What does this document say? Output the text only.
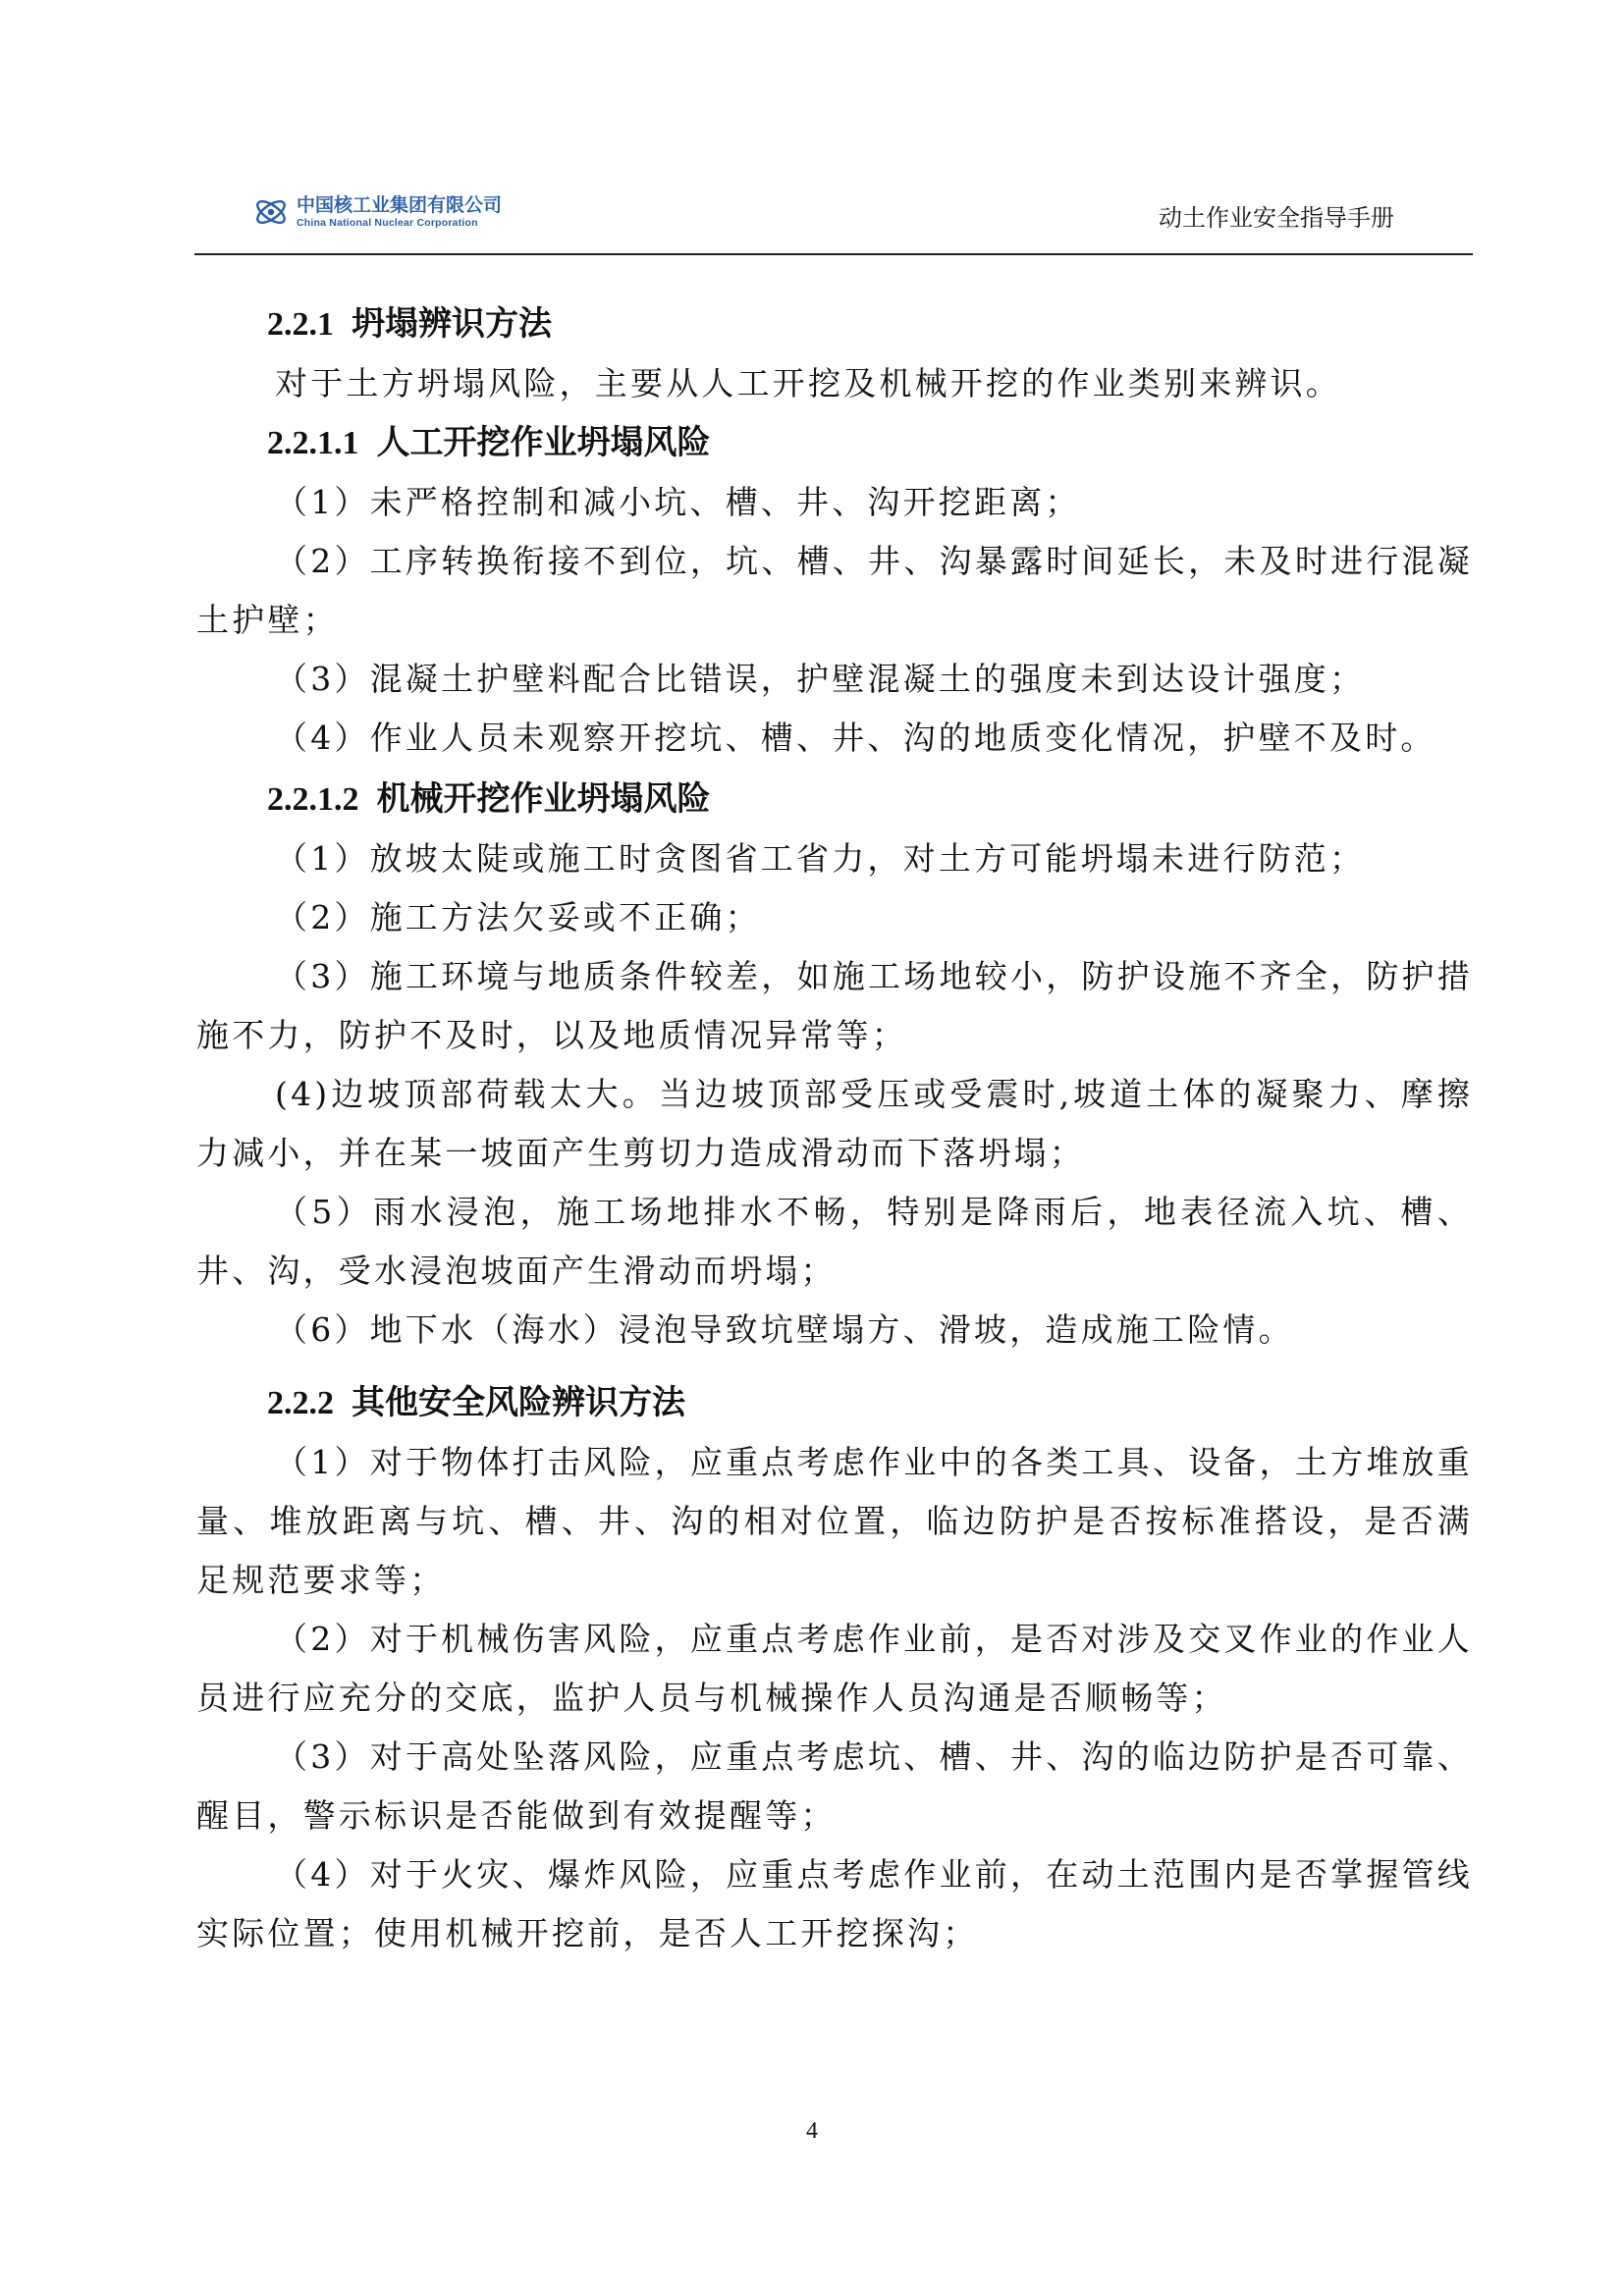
中国核工业集团有限公司
China National Nuclear Corporation	动土作业安全指导手册
2.2.1 坍塌辨识方法

对于土方坍塌风险，主要从人工开挖及机械开挖的作业类别来辨识。

2.2.1.1 人工开挖作业坍塌风险

（1）未严格控制和减小坑、槽、井、沟开挖距离；

（2）工序转换衔接不到位，坑、槽、井、沟暴露时间延长，未及时进行混凝土护壁；

（3）混凝土护壁料配合比错误，护壁混凝土的强度未到达设计强度；

（4）作业人员未观察开挖坑、槽、井、沟的地质变化情况，护壁不及时。

2.2.1.2 机械开挖作业坍塌风险

（1）放坡太陡或施工时贪图省工省力，对土方可能坍塌未进行防范；

（2）施工方法欠妥或不正确；

（3）施工环境与地质条件较差，如施工场地较小，防护设施不齐全，防护措施不力，防护不及时，以及地质情况异常等；

(4)边坡顶部荷载太大。当边坡顶部受压或受震时,坡道土体的凝聚力、摩擦力减小，并在某一坡面产生剪切力造成滑动而下落坍塌；

（5）雨水浸泡，施工场地排水不畅，特别是降雨后，地表径流入坑、槽、井、沟，受水浸泡坡面产生滑动而坍塌；

（6）地下水（海水）浸泡导致坑壁塌方、滑坡，造成施工险情。

2.2.2 其他安全风险辨识方法

（1）对于物体打击风险，应重点考虑作业中的各类工具、设备，土方堆放重量、堆放距离与坑、槽、井、沟的相对位置，临边防护是否按标准搭设，是否满足规范要求等；

（2）对于机械伤害风险，应重点考虑作业前，是否对涉及交叉作业的作业人员进行应充分的交底，监护人员与机械操作人员沟通是否顺畅等；

（3）对于高处坠落风险，应重点考虑坑、槽、井、沟的临边防护是否可靠、醒目，警示标识是否能做到有效提醒等；

（4）对于火灾、爆炸风险，应重点考虑作业前，在动土范围内是否掌握管线实际位置；使用机械开挖前，是否人工开挖探沟；

4
